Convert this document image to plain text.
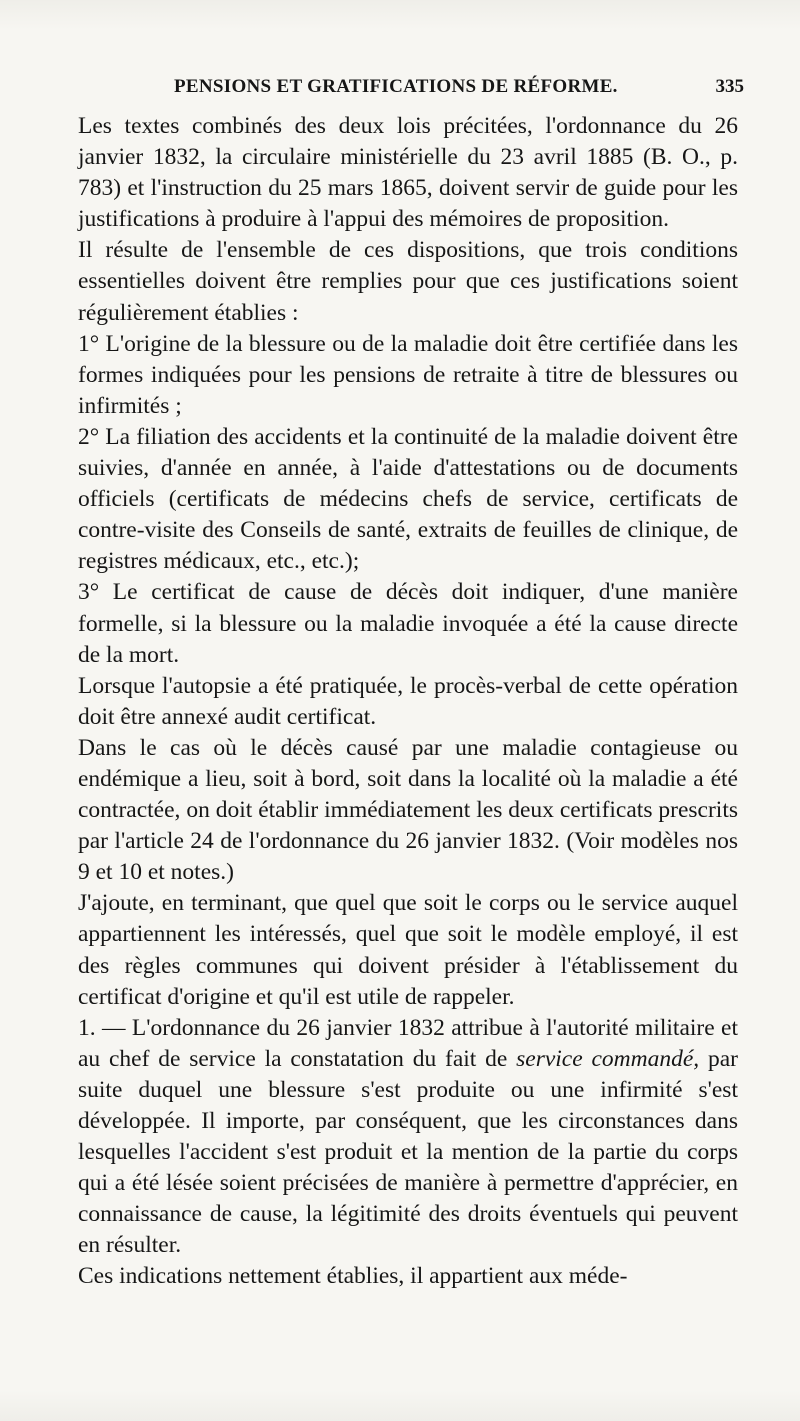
PENSIONS ET GRATIFICATIONS DE RÉFORME.	335

Les textes combinés des deux lois précitées, l'ordonnance du 26 janvier 1832, la circulaire ministérielle du 23 avril 1885 (B. O., p. 783) et l'instruction du 25 mars 1865, doivent servir de guide pour les justifications à produire à l'appui des mémoires de proposition.

Il résulte de l'ensemble de ces dispositions, que trois conditions essentielles doivent être remplies pour que ces justifications soient régulièrement établies :

1° L'origine de la blessure ou de la maladie doit être certifiée dans les formes indiquées pour les pensions de retraite à titre de blessures ou infirmités ;

2° La filiation des accidents et la continuité de la maladie doivent être suivies, d'année en année, à l'aide d'attestations ou de documents officiels (certificats de médecins chefs de service, certificats de contre-visite des Conseils de santé, extraits de feuilles de clinique, de registres médicaux, etc., etc.);

3° Le certificat de cause de décès doit indiquer, d'une manière formelle, si la blessure ou la maladie invoquée a été la cause directe de la mort.

Lorsque l'autopsie a été pratiquée, le procès-verbal de cette opération doit être annexé audit certificat.

Dans le cas où le décès causé par une maladie contagieuse ou endémique a lieu, soit à bord, soit dans la localité où la maladie a été contractée, on doit établir immédiatement les deux certificats prescrits par l'article 24 de l'ordonnance du 26 janvier 1832. (Voir modèles nos 9 et 10 et notes.)

J'ajoute, en terminant, que quel que soit le corps ou le service auquel appartiennent les intéressés, quel que soit le modèle employé, il est des règles communes qui doivent présider à l'établissement du certificat d'origine et qu'il est utile de rappeler.

1. — L'ordonnance du 26 janvier 1832 attribue à l'autorité militaire et au chef de service la constatation du fait de service commandé, par suite duquel une blessure s'est produite ou une infirmité s'est développée. Il importe, par conséquent, que les circonstances dans lesquelles l'accident s'est produit et la mention de la partie du corps qui a été lésée soient précisées de manière à permettre d'apprécier, en connaissance de cause, la légitimité des droits éventuels qui peuvent en résulter.

Ces indications nettement établies, il appartient aux méde-
